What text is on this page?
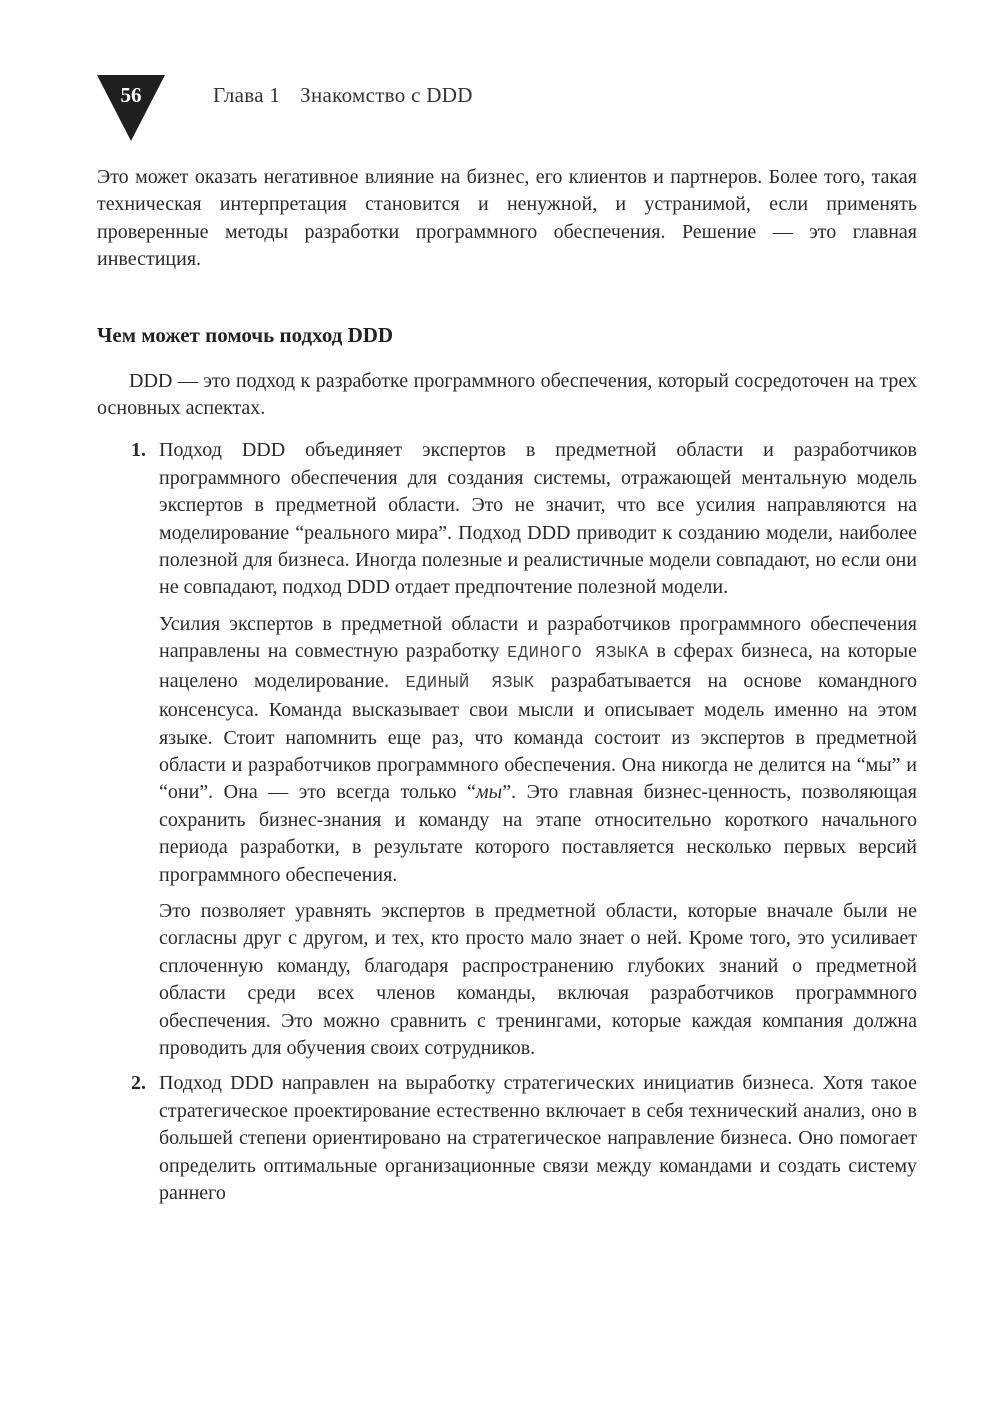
56	Глава 1 Знакомство с DDD

Это может оказать негативное влияние на бизнес, его клиентов и партнеров. Более того, такая техническая интерпретация становится и ненужной, и устранимой, если применять проверенные методы разработки программного обеспечения. Решение — это главная инвестиция.

Чем может помочь подход DDD

DDD — это подход к разработке программного обеспечения, который сосредоточен на трех основных аспектах.

1. Подход DDD объединяет экспертов в предметной области и разработчиков программного обеспечения для создания системы, отражающей ментальную модель экспертов в предметной области. Это не значит, что все усилия направляются на моделирование “реального мира”. Подход DDD приводит к созданию модели, наиболее полезной для бизнеса. Иногда полезные и реалистичные модели совпадают, но если они не совпадают, подход DDD отдает предпочтение полезной модели.

Усилия экспертов в предметной области и разработчиков программного обеспечения направлены на совместную разработку ЕДИНОГО ЯЗЫКА в сферах бизнеса, на которые нацелено моделирование. ЕДИНЫЙ ЯЗЫК разрабатывается на основе командного консенсуса. Команда высказывает свои мысли и описывает модель именно на этом языке. Стоит напомнить еще раз, что команда состоит из экспертов в предметной области и разработчиков программного обеспечения. Она никогда не делится на “мы” и “они”. Она — это всегда только “мы”. Это главная бизнес-ценность, позволяющая сохранить бизнес-знания и команду на этапе относительно короткого начального периода разработки, в результате которого поставляется несколько первых версий программного обеспечения.

Это позволяет уравнять экспертов в предметной области, которые вначале были не согласны друг с другом, и тех, кто просто мало знает о ней. Кроме того, это усиливает сплоченную команду, благодаря распространению глубоких знаний о предметной области среди всех членов команды, включая разработчиков программного обеспечения. Это можно сравнить с тренингами, которые каждая компания должна проводить для обучения своих сотрудников.

2. Подход DDD направлен на выработку стратегических инициатив бизнеса. Хотя такое стратегическое проектирование естественно включает в себя технический анализ, оно в большей степени ориентировано на стратегическое направление бизнеса. Оно помогает определить оптимальные организационные связи между командами и создать систему раннего
